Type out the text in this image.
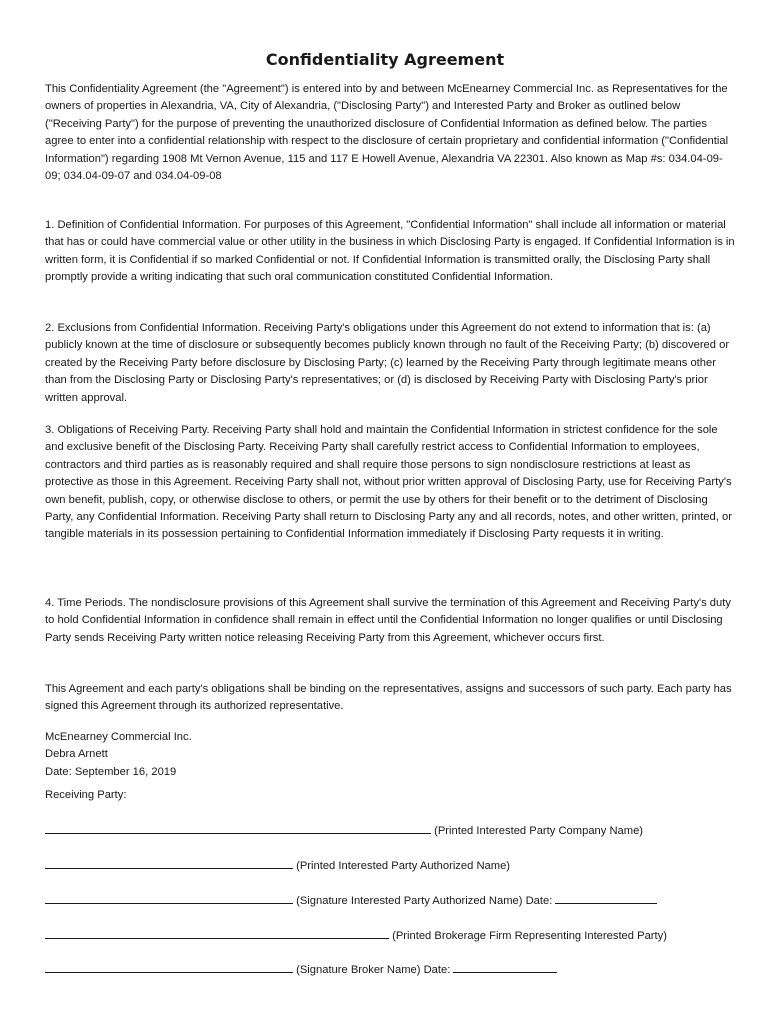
Confidentiality Agreement

This Confidentiality Agreement (the "Agreement") is entered into by and between McEnearney Commercial Inc. as Representatives for the owners of properties in Alexandria, VA, City of Alexandria, ("Disclosing Party") and Interested Party and Broker as outlined below ("Receiving Party") for the purpose of preventing the unauthorized disclosure of Confidential Information as defined below. The parties agree to enter into a confidential relationship with respect to the disclosure of certain proprietary and confidential information ("Confidential Information") regarding 1908 Mt Vernon Avenue, 115 and 117 E Howell Avenue, Alexandria VA 22301. Also known as Map #s: 034.04-09-09; 034.04-09-07 and 034.04-09-08

1. Definition of Confidential Information. For purposes of this Agreement, "Confidential Information" shall include all information or material that has or could have commercial value or other utility in the business in which Disclosing Party is engaged. If Confidential Information is in written form, it is Confidential if so marked Confidential or not. If Confidential Information is transmitted orally, the Disclosing Party shall promptly provide a writing indicating that such oral communication constituted Confidential Information.

2. Exclusions from Confidential Information. Receiving Party's obligations under this Agreement do not extend to information that is: (a) publicly known at the time of disclosure or subsequently becomes publicly known through no fault of the Receiving Party; (b) discovered or created by the Receiving Party before disclosure by Disclosing Party; (c) learned by the Receiving Party through legitimate means other than from the Disclosing Party or Disclosing Party's representatives; or (d) is disclosed by Receiving Party with Disclosing Party's prior written approval.

3. Obligations of Receiving Party. Receiving Party shall hold and maintain the Confidential Information in strictest confidence for the sole and exclusive benefit of the Disclosing Party. Receiving Party shall carefully restrict access to Confidential Information to employees, contractors and third parties as is reasonably required and shall require those persons to sign nondisclosure restrictions at least as protective as those in this Agreement. Receiving Party shall not, without prior written approval of Disclosing Party, use for Receiving Party's own benefit, publish, copy, or otherwise disclose to others, or permit the use by others for their benefit or to the detriment of Disclosing Party, any Confidential Information. Receiving Party shall return to Disclosing Party any and all records, notes, and other written, printed, or tangible materials in its possession pertaining to Confidential Information immediately if Disclosing Party requests it in writing.

4. Time Periods. The nondisclosure provisions of this Agreement shall survive the termination of this Agreement and Receiving Party's duty to hold Confidential Information in confidence shall remain in effect until the Confidential Information no longer qualifies or until Disclosing Party sends Receiving Party written notice releasing Receiving Party from this Agreement, whichever occurs first.

This Agreement and each party's obligations shall be binding on the representatives, assigns and successors of such party. Each party has signed this Agreement through its authorized representative.

McEnearney Commercial Inc.

Debra Arnett

Date: September 16, 2019

Receiving Party:

(Printed Interested Party Company Name)
(Printed Interested Party Authorized Name)
(Signature Interested Party Authorized Name) Date:
(Printed Brokerage Firm Representing Interested Party)
(Signature Broker Name) Date:
